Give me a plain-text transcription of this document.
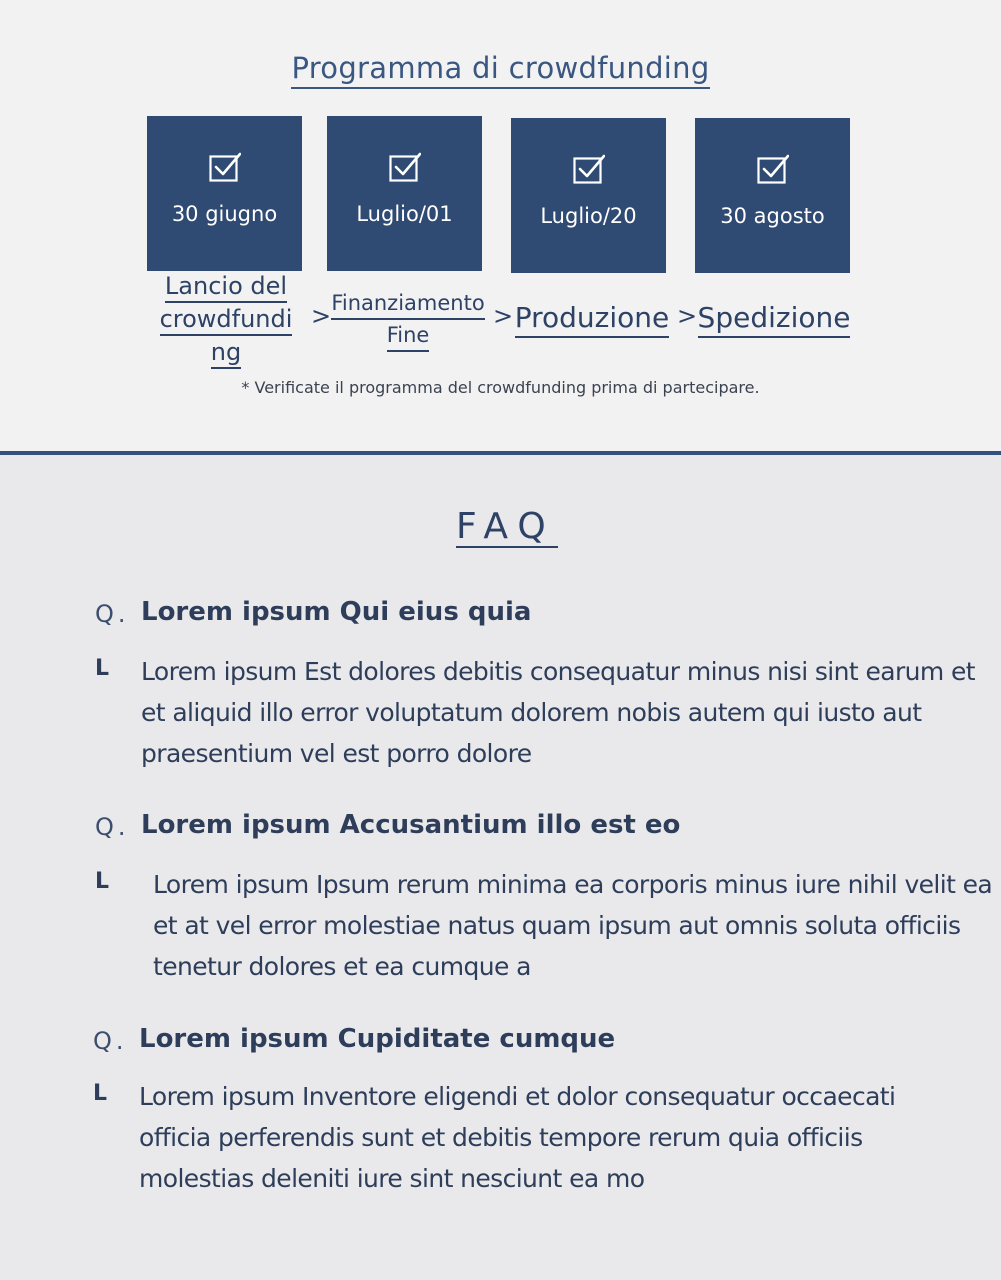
Programma di crowdfunding
30 giugno	Luglio/01	Luglio/20	30 agosto
Lancio del
crowdfundi
ng
> Finanziamento
Fine
> Produzione > Spedizione
* Verificate il programma del crowdfunding prima di partecipare.
FAQ
Q. Lorem ipsum Qui eius quia
L Lorem ipsum Est dolores debitis consequatur minus nisi sint earum et
et aliquid illo error voluptatum dolorem nobis autem qui iusto aut
praesentium vel est porro dolore
Q. Lorem ipsum Accusantium illo est eo
L Lorem ipsum Ipsum rerum minima ea corporis minus iure nihil velit ea
et at vel error molestiae natus quam ipsum aut omnis soluta officiis
tenetur dolores et ea cumque a
Q. Lorem ipsum Cupiditate cumque
L Lorem ipsum Inventore eligendi et dolor consequatur occaecati
officia perferendis sunt et debitis tempore rerum quia officiis
molestias deleniti iure sint nesciunt ea mo
